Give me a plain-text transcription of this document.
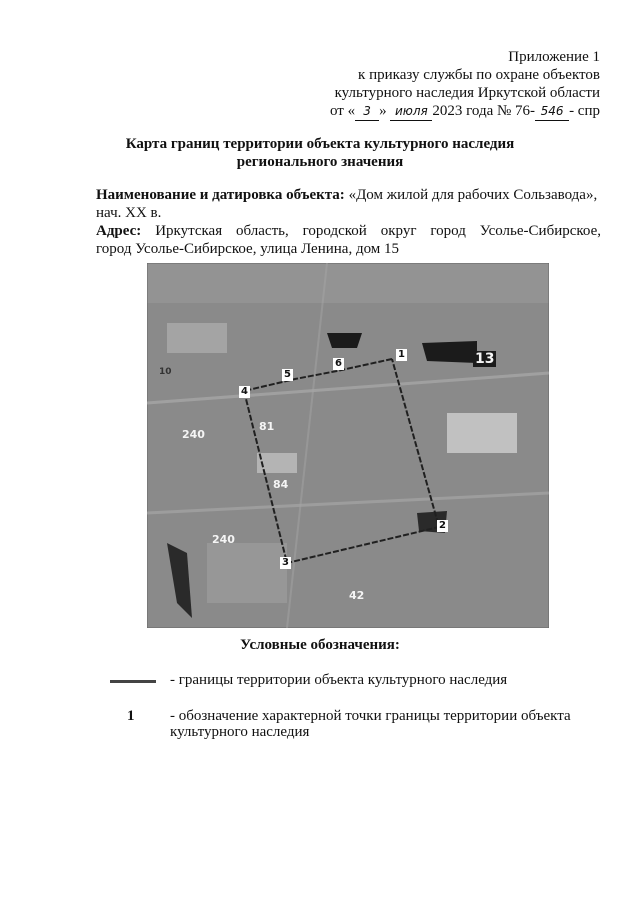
Приложение 1
к приказу службы по охране объектов
культурного наследия Иркутской области
от « 3 » июля 2023 года № 76- 546 - спр
Карта границ территории объекта культурного наследия
регионального значения
Наименование и датировка объекта: «Дом жилой для рабочих Сользавода»,
нач. XX в.
Адрес: Иркутская область, городской округ город Усолье-Сибирское,
город Усолье-Сибирское, улица Ленина, дом 15
1
2
3
4
5
6	13
240
81
84
240
42
10
Условные обозначения:
- границы территории объекта культурного наследия
1 - обозначение характерной точки границы территории объекта
культурного наследия
